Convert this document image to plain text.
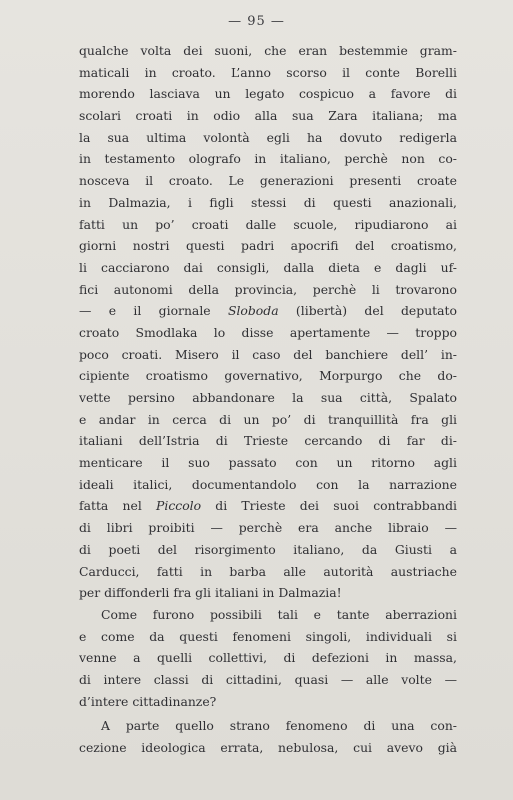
— 95 —
qualche volta dei suoni, che eran bestemmie gram-
maticali in croato. L’anno scorso il conte Borelli
morendo lasciava un legato cospicuo a favore di
scolari croati in odio alla sua Zara italiana; ma
la sua ultima volontà egli ha dovuto redigerla
in testamento olografo in italiano, perchè non co-
nosceva il croato. Le generazioni presenti croate
in Dalmazia, i figli stessi di questi anazionali,
fatti un po’ croati dalle scuole, ripudiarono ai
giorni nostri questi padri apocrifi del croatismo,
li cacciarono dai consigli, dalla dieta e dagli uf-
fici autonomi della provincia, perchè li trovarono
— e il giornale Sloboda (libertà) del deputato
croato Smodlaka lo disse apertamente — troppo
poco croati. Misero il caso del banchiere dell’ in-
cipiente croatismo governativo, Morpurgo che do-
vette persino abbandonare la sua città, Spalato
e andar in cerca di un po’ di tranquillità fra gli
italiani dell’Istria di Trieste cercando di far di-
menticare il suo passato con un ritorno agli
ideali italici, documentandolo con la narrazione
fatta nel Piccolo di Trieste dei suoi contrabbandi
di libri proibiti — perchè era anche libraio —
di poeti del risorgimento italiano, da Giusti a
Carducci, fatti in barba alle autorità austriache
per diffonderli fra gli italiani in Dalmazia!
Come furono possibili tali e tante aberrazioni
e come da questi fenomeni singoli, individuali si
venne a quelli collettivi, di defezioni in massa,
di intere classi di cittadini, quasi — alle volte —
d’intere cittadinanze?
A parte quello strano fenomeno di una con-
cezione ideologica errata, nebulosa, cui avevo già
